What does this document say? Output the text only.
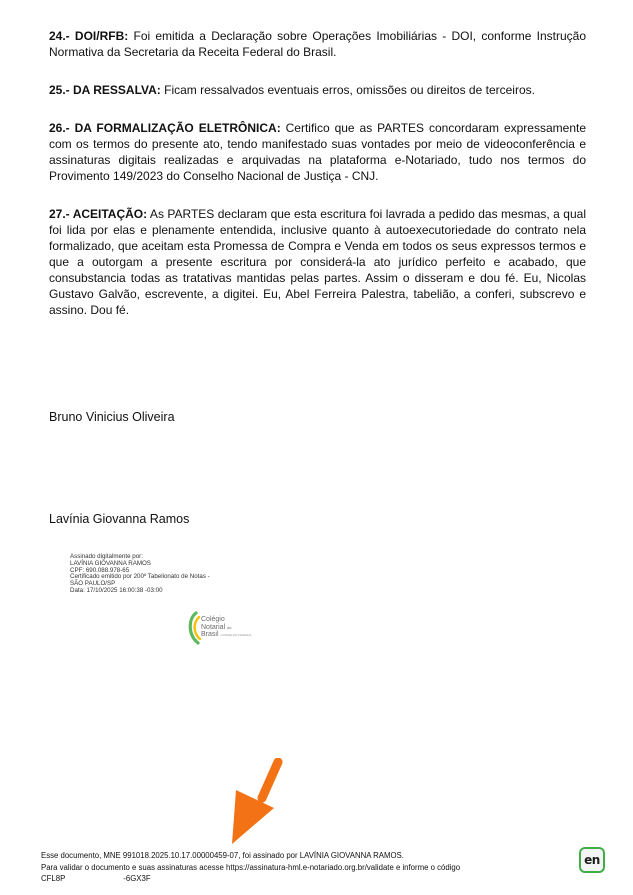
24.- DOI/RFB: Foi emitida a Declaração sobre Operações Imobiliárias - DOI, conforme Instrução Normativa da Secretaria da Receita Federal do Brasil.

25.- DA RESSALVA: Ficam ressalvados eventuais erros, omissões ou direitos de terceiros.

26.- DA FORMALIZAÇÃO ELETRÔNICA: Certifico que as PARTES concordaram expressamente com os termos do presente ato, tendo manifestado suas vontades por meio de videoconferência e assinaturas digitais realizadas e arquivadas na plataforma e-Notariado, tudo nos termos do Provimento 149/2023 do Conselho Nacional de Justiça - CNJ.

27.- ACEITAÇÃO: As PARTES declaram que esta escritura foi lavrada a pedido das mesmas, a qual foi lida por elas e plenamente entendida, inclusive quanto à autoexecutoriedade do contrato nela formalizado, que aceitam esta Promessa de Compra e Venda em todos os seus expressos termos e que a outorgam a presente escritura por considerá-la ato jurídico perfeito e acabado, que consubstancia todas as tratativas mantidas pelas partes. Assim o disseram e dou fé. Eu, Nicolas Gustavo Galvão, escrevente, a digitei. Eu, Abel Ferreira Palestra, tabelião, a conferi, subscrevo e assino. Dou fé.

Bruno Vinicius Oliveira
Lavínia Giovanna Ramos
Assinado digitalmente por:
LAVÍNIA GIOVANNA RAMOS
CPF: 690.088.978-65
Certificado emitido por 200º Tabelionato de Notas -
SÃO PAULO/SP
Data: 17/10/2025 16:00:38 -03:00
Colégio
Notarial do
Brasil CONSELHO FEDERAL
Esse documento, MNE 991018.2025.10.17.00000459-07, foi assinado por LAVÍNIA GIOVANNA RAMOS.
Para validar o documento e suas assinaturas acesse https://assinatura-hml.e-notariado.org.br/validate e informe o código
CFL8P	-6GX3F
en
